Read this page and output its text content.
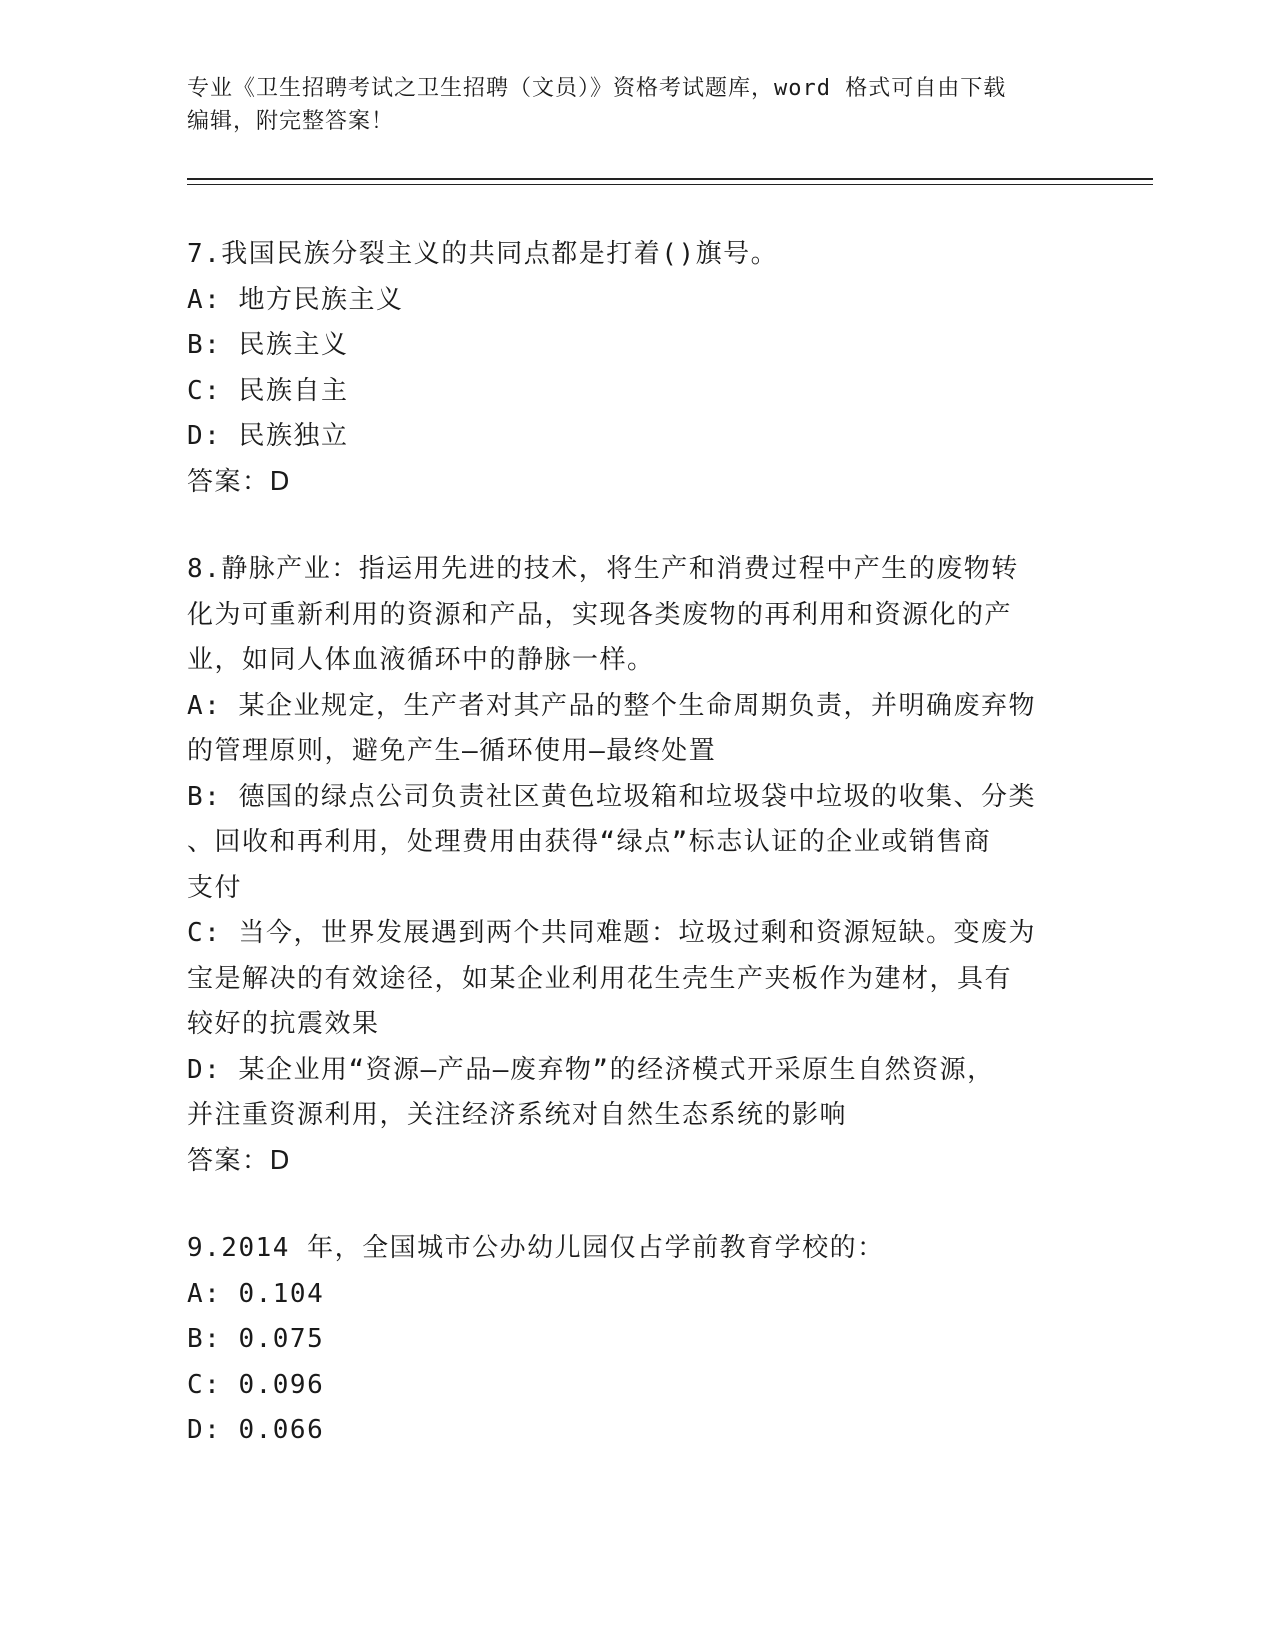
专业《卫生招聘考试之卫生招聘（文员）》资格考试题库，word 格式可自由下载
编辑，附完整答案！
7.我国民族分裂主义的共同点都是打着()旗号。
A: 地方民族主义
B: 民族主义
C: 民族自主
D: 民族独立
答案：D
8.静脉产业：指运用先进的技术，将生产和消费过程中产生的废物转
化为可重新利用的资源和产品，实现各类废物的再利用和资源化的产
业，如同人体血液循环中的静脉一样。
A: 某企业规定，生产者对其产品的整个生命周期负责，并明确废弃物
的管理原则，避免产生—循环使用—最终处置
B: 德国的绿点公司负责社区黄色垃圾箱和垃圾袋中垃圾的收集、分类
、回收和再利用，处理费用由获得“绿点”标志认证的企业或销售商
支付
C: 当今，世界发展遇到两个共同难题：垃圾过剩和资源短缺。变废为
宝是解决的有效途径，如某企业利用花生壳生产夹板作为建材，具有
较好的抗震效果
D: 某企业用“资源—产品—废弃物”的经济模式开采原生自然资源，
并注重资源利用，关注经济系统对自然生态系统的影响
答案：D
9.2014 年，全国城市公办幼儿园仅占学前教育学校的：
A: 0.104
B: 0.075
C: 0.096
D: 0.066
